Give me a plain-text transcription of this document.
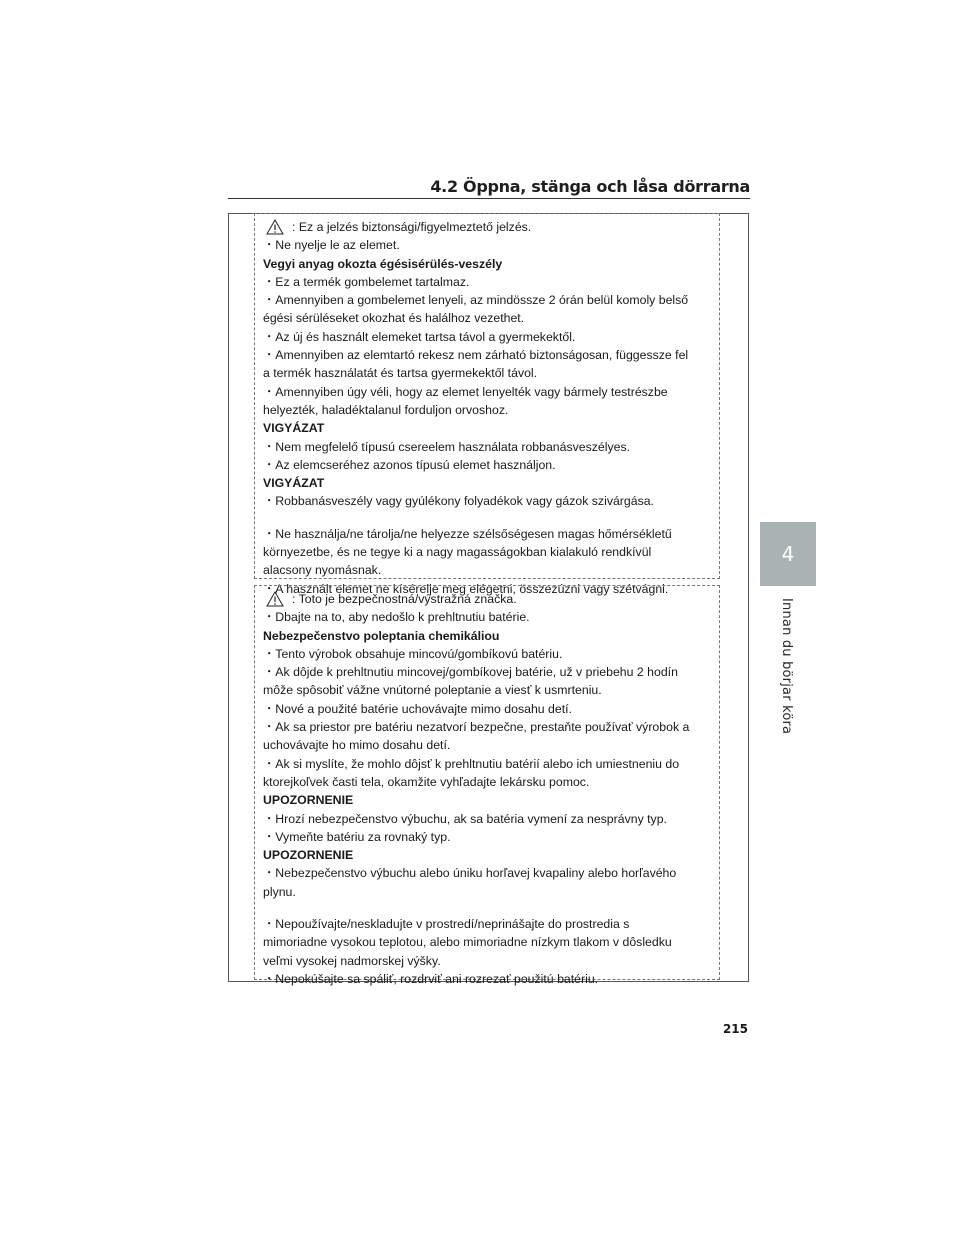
4.2 Öppna, stänga och låsa dörrarna
4
Innan du börjar köra
: Ez a jelzés biztonsági/figyelmeztető jelzés.
・Ne nyelje le az elemet.
Vegyi anyag okozta égésisérülés-veszély
・Ez a termék gombelemet tartalmaz.
・Amennyiben a gombelemet lenyeli, az mindössze 2 órán belül komoly belső
égési sérüléseket okozhat és halálhoz vezethet.
・Az új és használt elemeket tartsa távol a gyermekektől.
・Amennyiben az elemtartó rekesz nem zárható biztonságosan, függessze fel
a termék használatát és tartsa gyermekektől távol.
・Amennyiben úgy véli, hogy az elemet lenyelték vagy bármely testrészbe
helyezték, haladéktalanul forduljon orvoshoz.
VIGYÁZAT
・Nem megfelelő típusú csereelem használata robbanásveszélyes.
・Az elemcseréhez azonos típusú elemet használjon.
VIGYÁZAT
・Robbanásveszély vagy gyúlékony folyadékok vagy gázok szivárgása.
・Ne használja/ne tárolja/ne helyezze szélsőségesen magas hőmérsékletű
környezetbe, és ne tegye ki a nagy magasságokban kialakuló rendkívül
alacsony nyomásnak.
・A használt elemet ne kísérelje meg elégetni, összezúzni vagy szétvágni.
: Toto je bezpečnostná/výstražná značka.
・Dbajte na to, aby nedošlo k prehltnutiu batérie.
Nebezpečenstvo poleptania chemikáliou
・Tento výrobok obsahuje mincovú/gombíkovú batériu.
・Ak dôjde k prehltnutiu mincovej/gombíkovej batérie, už v priebehu 2 hodín
môže spôsobiť vážne vnútorné poleptanie a viesť k usmrteniu.
・Nové a použité batérie uchovávajte mimo dosahu detí.
・Ak sa priestor pre batériu nezatvorí bezpečne, prestaňte používať výrobok a
uchovávajte ho mimo dosahu detí.
・Ak si myslíte, že mohlo dôjsť k prehltnutiu batérií alebo ich umiestneniu do
ktorejkoľvek časti tela, okamžite vyhľadajte lekársku pomoc.
UPOZORNENIE
・Hrozí nebezpečenstvo výbuchu, ak sa batéria vymení za nesprávny typ.
・Vymeňte batériu za rovnaký typ.
UPOZORNENIE
・Nebezpečenstvo výbuchu alebo úniku horľavej kvapaliny alebo horľavého
plynu.
・Nepoužívajte/neskladujte v prostredí/neprinášajte do prostredia s
mimoriadne vysokou teplotou, alebo mimoriadne nízkym tlakom v dôsledku
veľmi vysokej nadmorskej výšky.
・Nepokúšajte sa spáliť, rozdrviť ani rozrezať použitú batériu.
215
